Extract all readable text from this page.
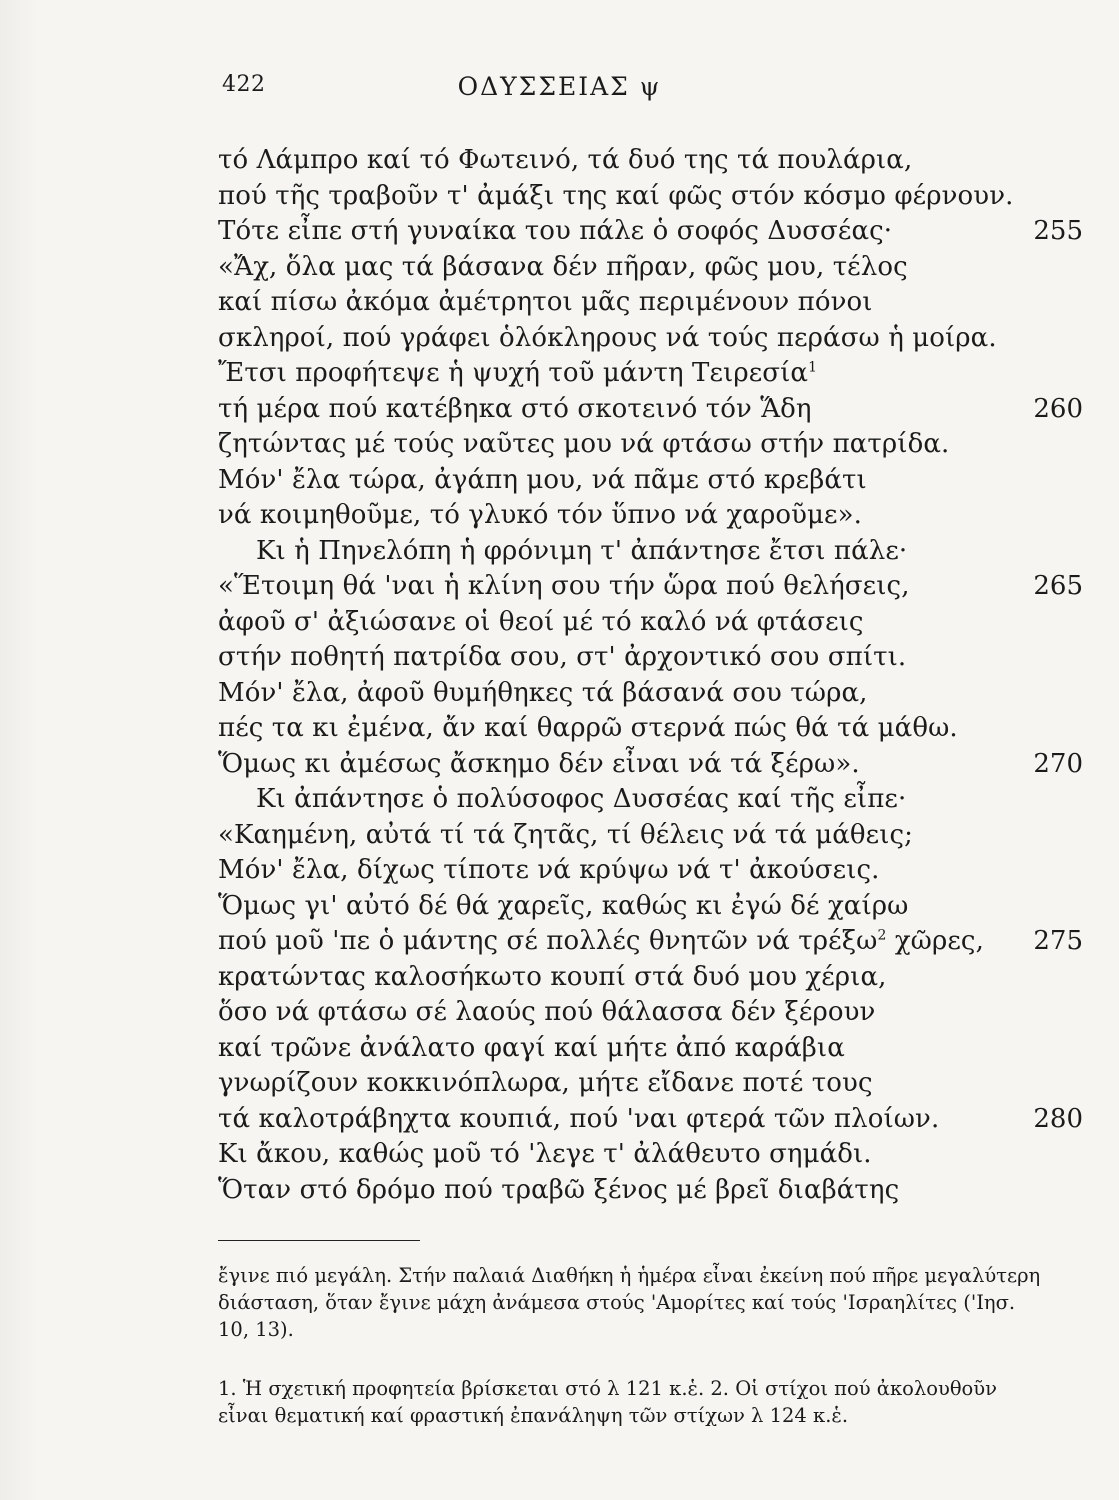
422	ΟΔΥΣΣΕΙΑΣ ψ
τό Λάμπρο καί τό Φωτεινό, τά δυό της τά πουλάρια,
πού τῆς τραβοῦν τ' ἀμάξι της καί φῶς στόν κόσμο φέρνουν.
Τότε εἶπε στή γυναίκα του πάλε ὁ σοφός Δυσσέας·	255
«Ἄχ, ὅλα μας τά βάσανα δέν πῆραν, φῶς μου, τέλος
καί πίσω ἀκόμα ἀμέτρητοι μᾶς περιμένουν πόνοι
σκληροί, πού γράφει ὁλόκληρους νά τούς περάσω ἡ μοίρα.
Ἔτσι προφήτεψε ἡ ψυχή τοῦ μάντη Τειρεσία$^1$
τή μέρα πού κατέβηκα στό σκοτεινό τόν Ἅδη	260
ζητώντας μέ τούς ναῦτες μου νά φτάσω στήν πατρίδα.
Μόν' ἔλα τώρα, ἀγάπη μου, νά πᾶμε στό κρεβάτι
νά κοιμηθοῦμε, τό γλυκό τόν ὕπνο νά χαροῦμε».
Κι ἡ Πηνελόπη ἡ φρόνιμη τ' ἀπάντησε ἔτσι πάλε·
«Ἕτοιμη θά 'ναι ἡ κλίνη σου τήν ὥρα πού θελήσεις,	265
ἀφοῦ σ' ἀξιώσανε οἱ θεοί μέ τό καλό νά φτάσεις
στήν ποθητή πατρίδα σου, στ' ἀρχοντικό σου σπίτι.
Μόν' ἔλα, ἀφοῦ θυμήθηκες τά βάσανά σου τώρα,
πές τα κι ἐμένα, ἄν καί θαρρῶ στερνά πώς θά τά μάθω.
Ὅμως κι ἀμέσως ἄσκημο δέν εἶναι νά τά ξέρω».	270
Κι ἀπάντησε ὁ πολύσοφος Δυσσέας καί τῆς εἶπε·
«Καημένη, αὐτά τί τά ζητᾶς, τί θέλεις νά τά μάθεις;
Μόν' ἔλα, δίχως τίποτε νά κρύψω νά τ' ἀκούσεις.
Ὅμως γι' αὐτό δέ θά χαρεῖς, καθώς κι ἐγώ δέ χαίρω
πού μοῦ 'πε ὁ μάντης σέ πολλές θνητῶν νά τρέξω$^2$ χῶρες, 275
κρατώντας καλοσήκωτο κουπί στά δυό μου χέρια,
ὅσο νά φτάσω σέ λαούς πού θάλασσα δέν ξέρουν
καί τρῶνε ἀνάλατο φαγί καί μήτε ἀπό καράβια
γνωρίζουν κοκκινόπλωρα, μήτε εἴδανε ποτέ τους
τά καλοτράβηχτα κουπιά, πού 'ναι φτερά τῶν πλοίων.	280
Κι ἄκου, καθώς μοῦ τό 'λεγε τ' ἀλάθευτο σημάδι.
Ὅταν στό δρόμο πού τραβῶ ξένος μέ βρεῖ διαβάτης
ἔγινε πιό μεγάλη. Στήν παλαιά Διαθήκη ἡ ἡμέρα εἶναι ἐκείνη πού πῆρε μεγαλύτερη
διάσταση, ὅταν ἔγινε μάχη ἀνάμεσα στούς 'Αμορίτες καί τούς 'Ισραηλίτες ('Ιησ.
10, 13).
1. Ἡ σχετική προφητεία βρίσκεται στό λ 121 κ.ἑ. 2. Οἱ στίχοι πού ἀκολουθοῦν
εἶναι θεματική καί φραστική ἐπανάληψη τῶν στίχων λ 124 κ.ἑ.
